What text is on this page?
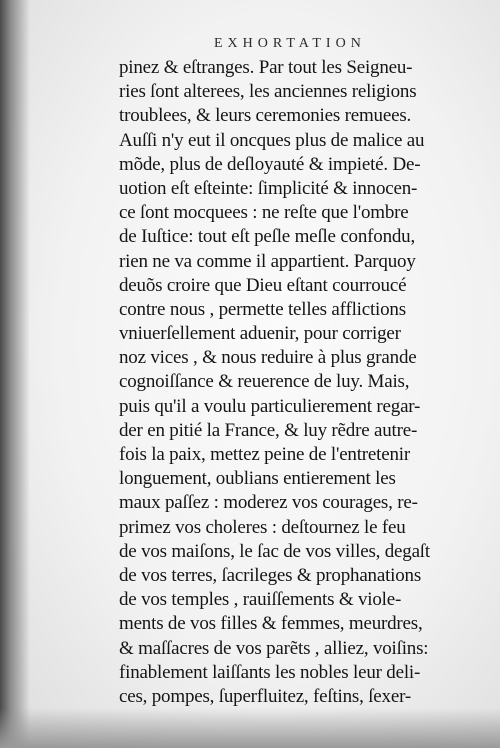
EXHORTATION
pinez & eſtranges. Par tout les Seigneu-
ries ſont alterees, les anciennes religions
troublees, & leurs ceremonies remuees.
Auſſi n'y eut il oncques plus de malice au
mõde, plus de deſloyauté & impieté. De-
uotion eſt eſteinte: ſimplicité & innocen-
ce ſont mocquees : ne reſte que l'ombre
de Iuſtice: tout eſt peſle meſle confondu,
rien ne va comme il appartient. Parquoy
deuõs croire que Dieu eſtant courroucé
contre nous , permette telles afflictions
vniuerſellement aduenir, pour corriger
noz vices , & nous reduire à plus grande
cognoiſſance & reuerence de luy. Mais,
puis qu'il a voulu particulierement regar-
der en pitié la France, & luy rẽdre autre-
fois la paix, mettez peine de l'entretenir
longuement, oublians entierement les
maux paſſez : moderez vos courages, re-
primez vos choleres : deſtournez le feu
de vos maiſons, le ſac de vos villes, degaſt
de vos terres, ſacrileges & prophanations
de vos temples , rauiſſements & viole-
ments de vos filles & femmes, meurdres,
& maſſacres de vos parẽts , alliez, voiſins:
finablement laiſſants les nobles leur deli-
ces, pompes, ſuperfluitez, feſtins, ſexer-
